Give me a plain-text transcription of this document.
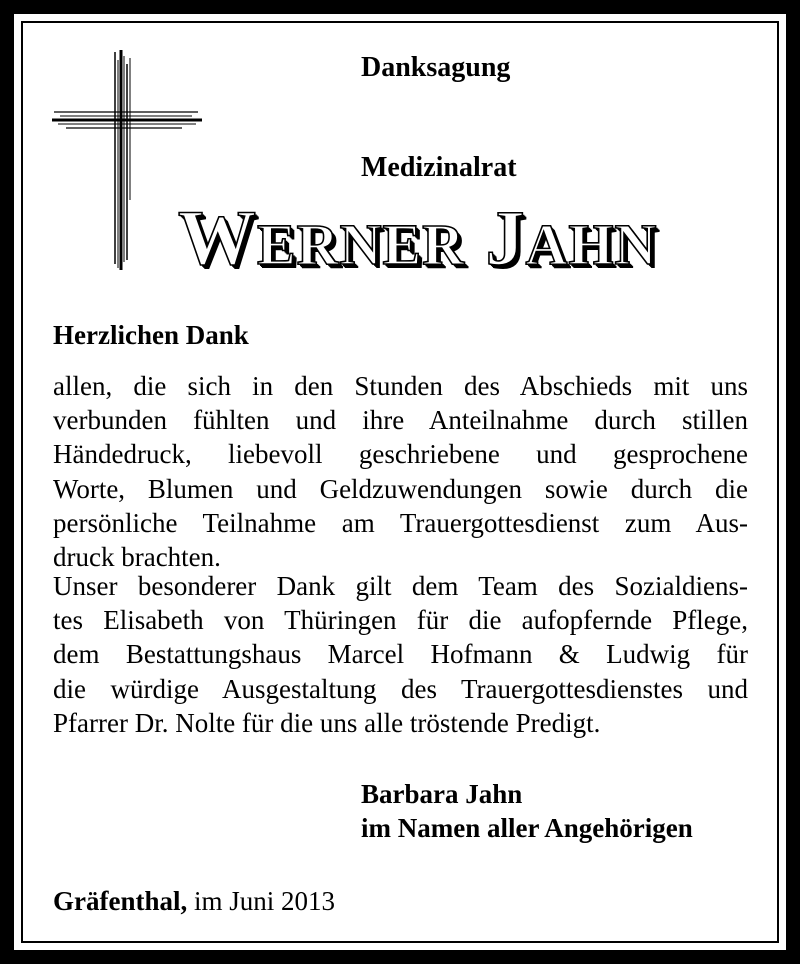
Danksagung
Medizinalrat
WERNER JAHN
Herzlichen Dank
allen, die sich in den Stunden des Abschieds mit uns
verbunden fühlten und ihre Anteilnahme durch stillen
Händedruck, liebevoll geschriebene und gesprochene
Worte, Blumen und Geldzuwendungen sowie durch die
persönliche Teilnahme am Trauergottesdienst zum Aus-
druck brachten.
Unser besonderer Dank gilt dem Team des Sozialdiens-
tes Elisabeth von Thüringen für die aufopfernde Pflege,
dem Bestattungshaus Marcel Hofmann & Ludwig für
die würdige Ausgestaltung des Trauergottesdienstes und
Pfarrer Dr. Nolte für die uns alle tröstende Predigt.
Barbara Jahn
im Namen aller Angehörigen
Gräfenthal, im Juni 2013
